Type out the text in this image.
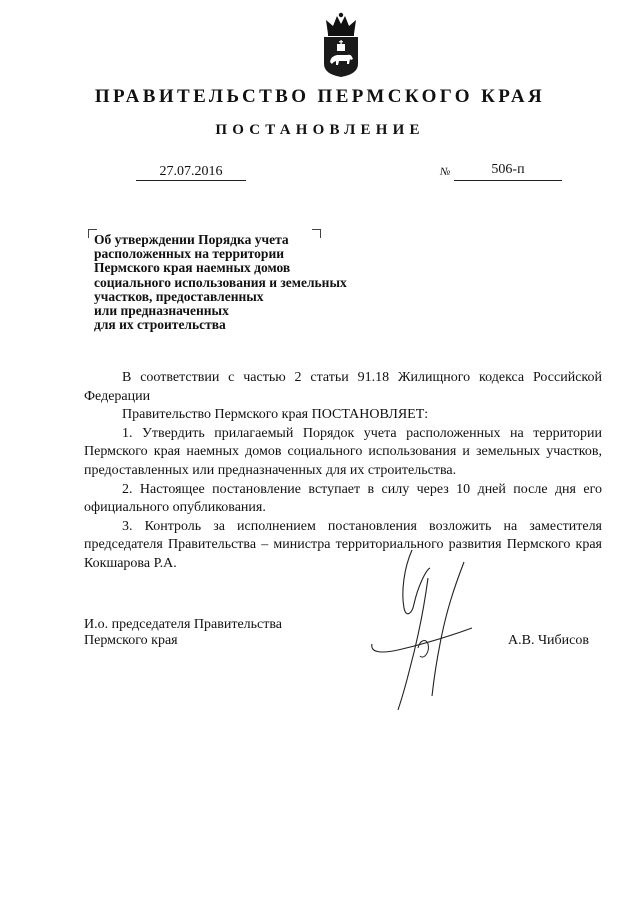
ПРАВИТЕЛЬСТВО ПЕРМСКОГО КРАЯ
ПОСТАНОВЛЕНИЕ
27.07.2016	№	506-п
Об утверждении Порядка учета
расположенных на территории
Пермского края наемных домов
социального использования и земельных
участков, предоставленных
или предназначенных
для их строительства

В соответствии с частью 2 статьи 91.18 Жилищного кодекса Российской Федерации

Правительство Пермского края ПОСТАНОВЛЯЕТ:

1. Утвердить прилагаемый Порядок учета расположенных на территории Пермского края наемных домов социального использования и земельных участков, предоставленных или предназначенных для их строительства.

2. Настоящее постановление вступает в силу через 10 дней после дня его официального опубликования.

3. Контроль за исполнением постановления возложить на заместителя председателя Правительства – министра территориального развития Пермского края Кокшарова Р.А.

И.о. председателя Правительства
Пермского края	А.В. Чибисов
